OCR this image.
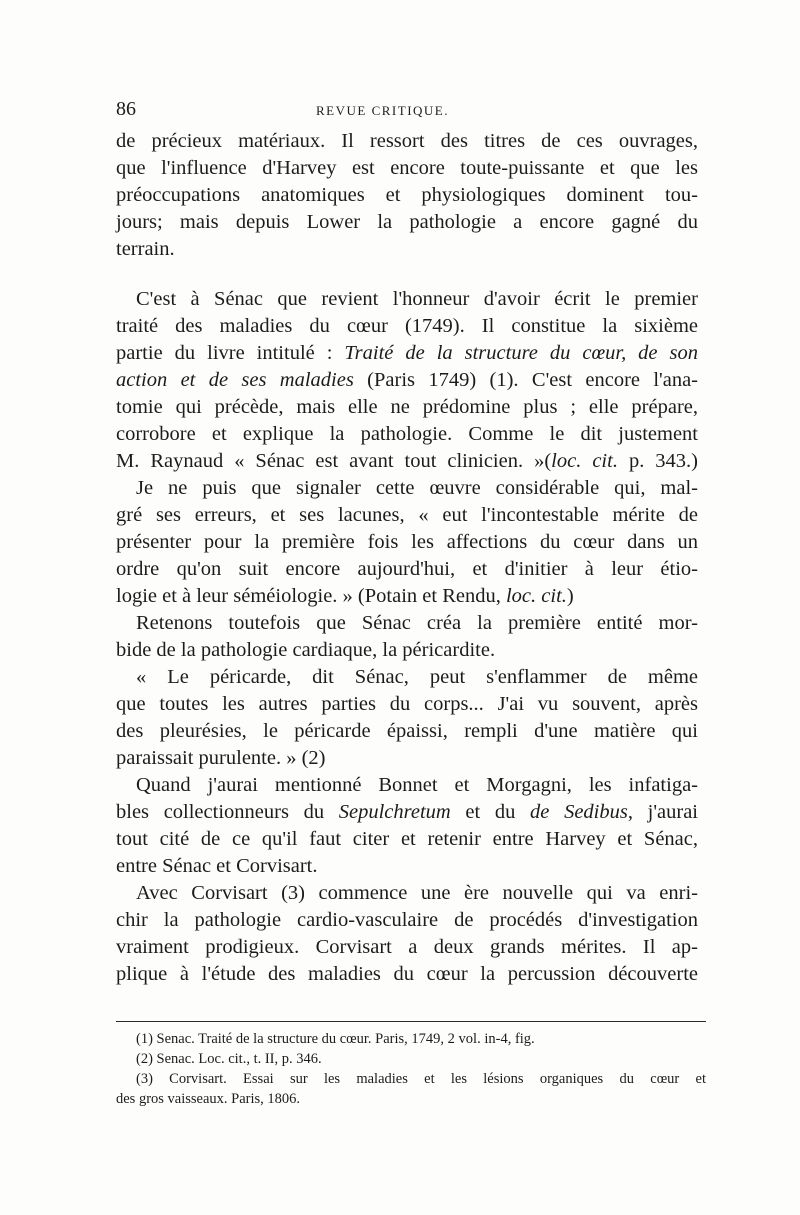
86	REVUE CRITIQUE.
de précieux matériaux. Il ressort des titres de ces ouvrages,
que l'influence d'Harvey est encore toute-puissante et que les
préoccupations anatomiques et physiologiques dominent tou-
jours; mais depuis Lower la pathologie a encore gagné du
terrain.
C'est à Sénac que revient l'honneur d'avoir écrit le premier
traité des maladies du cœur (1749). Il constitue la sixième
partie du livre intitulé : Traité de la structure du cœur, de son
action et de ses maladies (Paris 1749) (1). C'est encore l'ana-
tomie qui précède, mais elle ne prédomine plus ; elle prépare,
corrobore et explique la pathologie. Comme le dit justement
M. Raynaud « Sénac est avant tout clinicien. »(loc. cit. p. 343.)
Je ne puis que signaler cette œuvre considérable qui, mal-
gré ses erreurs, et ses lacunes, « eut l'incontestable mérite de
présenter pour la première fois les affections du cœur dans un
ordre qu'on suit encore aujourd'hui, et d'initier à leur étio-
logie et à leur séméiologie. » (Potain et Rendu, loc. cit.)
Retenons toutefois que Sénac créa la première entité mor-
bide de la pathologie cardiaque, la péricardite.
« Le péricarde, dit Sénac, peut s'enflammer de même
que toutes les autres parties du corps... J'ai vu souvent, après
des pleurésies, le péricarde épaissi, rempli d'une matière qui
paraissait purulente. » (2)
Quand j'aurai mentionné Bonnet et Morgagni, les infatiga-
bles collectionneurs du Sepulchretum et du de Sedibus, j'aurai
tout cité de ce qu'il faut citer et retenir entre Harvey et Sénac,
entre Sénac et Corvisart.
Avec Corvisart (3) commence une ère nouvelle qui va enri-
chir la pathologie cardio-vasculaire de procédés d'investigation
vraiment prodigieux. Corvisart a deux grands mérites. Il ap-
plique à l'étude des maladies du cœur la percussion découverte
(1) Senac. Traité de la structure du cœur. Paris, 1749, 2 vol. in-4, fig.
(2) Senac. Loc. cit., t. II, p. 346.
(3) Corvisart. Essai sur les maladies et les lésions organiques du cœur et
des gros vaisseaux. Paris, 1806.
